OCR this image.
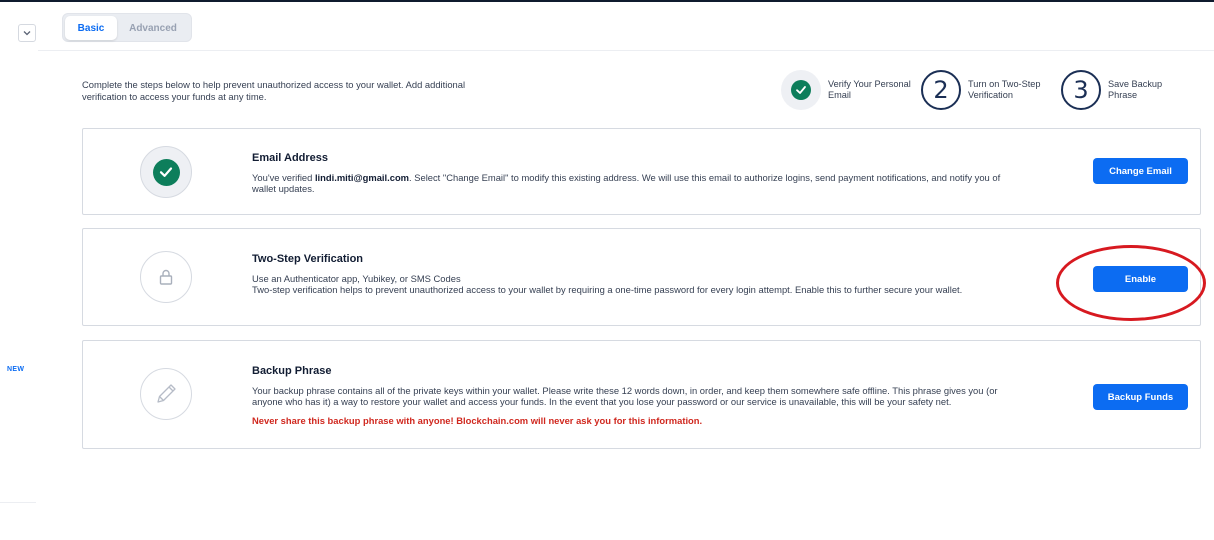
NEW
Basic	Advanced

Complete the steps below to help prevent unauthorized access to your wallet. Add additional verification to access your funds at any time.

Verify Your Personal Email	2	Turn on Two-Step Verification	3	Save Backup Phrase
Email Address
You've verified lindi.miti@gmail.com. Select "Change Email" to modify this existing address. We will use this email to authorize logins, send payment notifications, and notify you of wallet updates.
Change Email
Two-Step Verification
Use an Authenticator app, Yubikey, or SMS Codes
Two-step verification helps to prevent unauthorized access to your wallet by requiring a one-time password for every login attempt. Enable this to further secure your wallet.
Enable
Backup Phrase
Your backup phrase contains all of the private keys within your wallet. Please write these 12 words down, in order, and keep them somewhere safe offline. This phrase gives you (or anyone who has it) a way to restore your wallet and access your funds. In the event that you lose your password or our service is unavailable, this will be your safety net.
Never share this backup phrase with anyone! Blockchain.com will never ask you for this information.
Backup Funds
